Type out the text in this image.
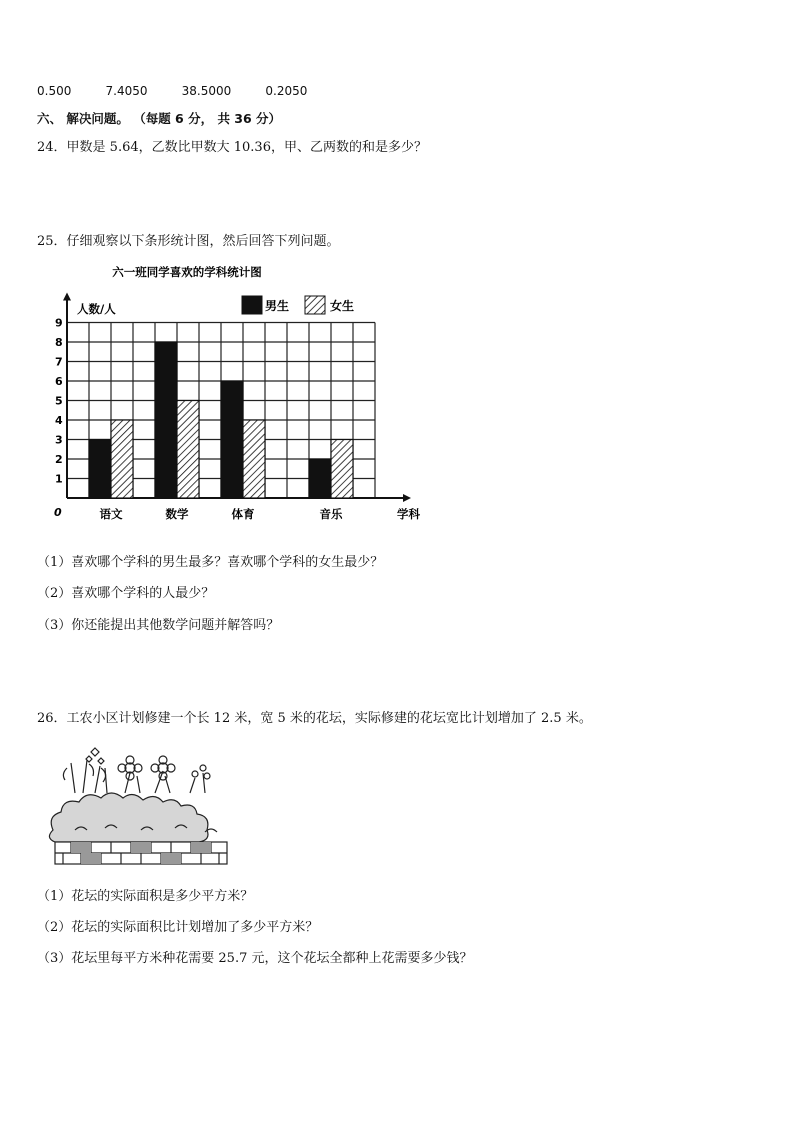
0.500	7.4050	38.5000	0.2050
六、 解决问题。 （每题 6 分， 共 36 分）
24．甲数是 5.64，乙数比甲数大 10.36，甲、乙两数的和是多少？
25．仔细观察以下条形统计图，然后回答下列问题。
六一班同学喜欢的学科统计图
人数/人	男生	女生
0
1
2
3
4
5
6
7
8
9
语文	数学	体育	音乐	学科
（1）喜欢哪个学科的男生最多？喜欢哪个学科的女生最少？
（2）喜欢哪个学科的人最少？
（3）你还能提出其他数学问题并解答吗？
26．工农小区计划修建一个长 12 米，宽 5 米的花坛，实际修建的花坛宽比计划增加了 2.5 米。
（1）花坛的实际面积是多少平方米？
（2）花坛的实际面积比计划增加了多少平方米？
（3）花坛里每平方米种花需要 25.7 元，这个花坛全都种上花需要多少钱？
